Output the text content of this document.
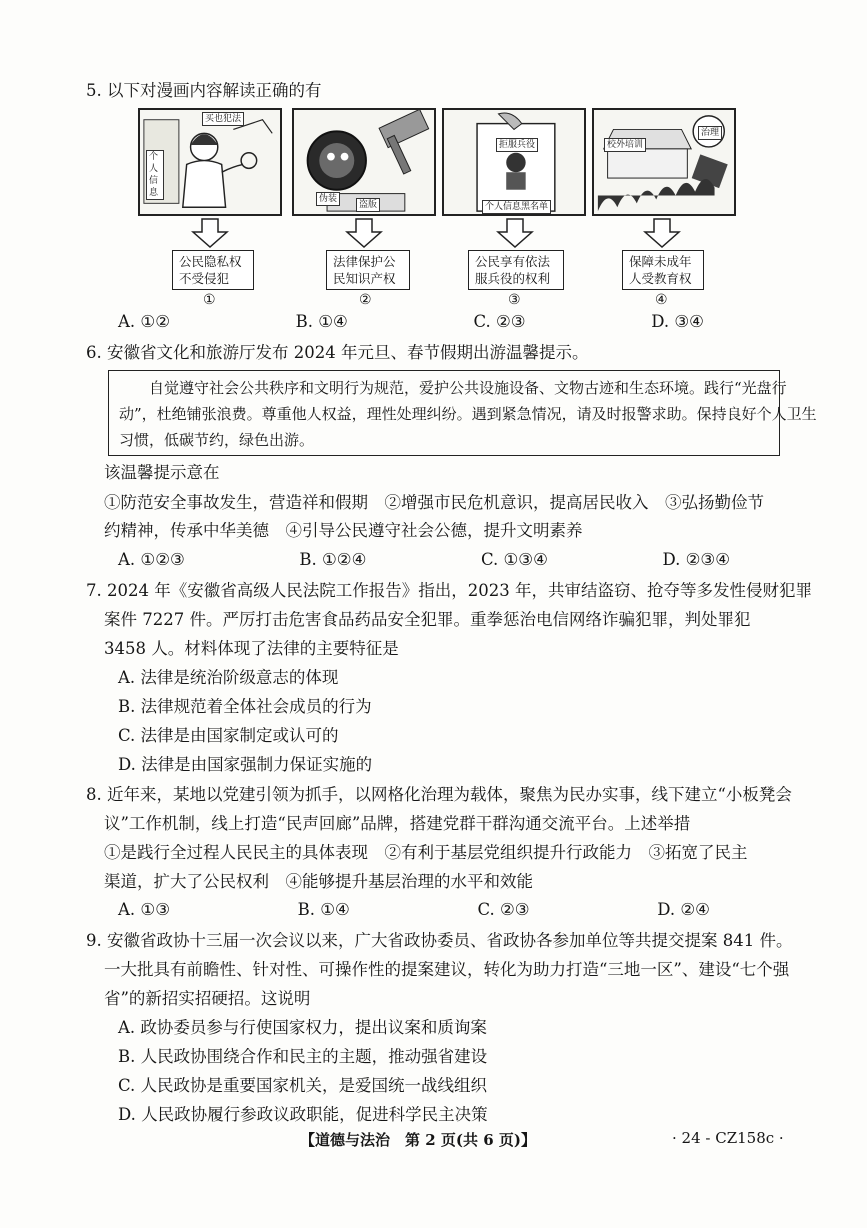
5. 以下对漫画内容解读正确的有
买也犯法
个人信息
伪装
盗版
拒服兵役
个人信息黑名单
校外培训
治理
公民隐私权
不受侵犯
①
法律保护公
民知识产权
②
公民享有依法
服兵役的权利
③
保障未成年
人受教育权
④
A. ①②	B. ①④	C. ②③	D. ③④
6. 安徽省文化和旅游厅发布 2024 年元旦、春节假期出游温馨提示。
　　自觉遵守社会公共秩序和文明行为规范，爱护公共设施设备、文物古迹和生态环境。践行“光盘行
动”，杜绝铺张浪费。尊重他人权益，理性处理纠纷。遇到紧急情况，请及时报警求助。保持良好个人卫生
习惯，低碳节约，绿色出游。
该温馨提示意在
①防范安全事故发生，营造祥和假期　②增强市民危机意识，提高居民收入　③弘扬勤俭节
约精神，传承中华美德　④引导公民遵守社会公德，提升文明素养
A. ①②③	B. ①②④	C. ①③④	D. ②③④
7. 2024 年《安徽省高级人民法院工作报告》指出，2023 年，共审结盗窃、抢夺等多发性侵财犯罪
案件 7227 件。严厉打击危害食品药品安全犯罪。重拳惩治电信网络诈骗犯罪，判处罪犯
3458 人。材料体现了法律的主要特征是
A. 法律是统治阶级意志的体现
B. 法律规范着全体社会成员的行为
C. 法律是由国家制定或认可的
D. 法律是由国家强制力保证实施的
8. 近年来，某地以党建引领为抓手，以网格化治理为载体，聚焦为民办实事，线下建立“小板凳会
议”工作机制，线上打造“民声回廊”品牌，搭建党群干群沟通交流平台。上述举措
①是践行全过程人民民主的具体表现　②有利于基层党组织提升行政能力　③拓宽了民主
渠道，扩大了公民权利　④能够提升基层治理的水平和效能
A. ①③	B. ①④	C. ②③	D. ②④
9. 安徽省政协十三届一次会议以来，广大省政协委员、省政协各参加单位等共提交提案 841 件。
一大批具有前瞻性、针对性、可操作性的提案建议，转化为助力打造“三地一区”、建设“七个强
省”的新招实招硬招。这说明
A. 政协委员参与行使国家权力，提出议案和质询案
B. 人民政协围绕合作和民主的主题，推动强省建设
C. 人民政协是重要国家机关，是爱国统一战线组织
D. 人民政协履行参政议政职能，促进科学民主决策
【道德与法治　第 2 页(共 6 页)】	· 24 - CZ158c ·
